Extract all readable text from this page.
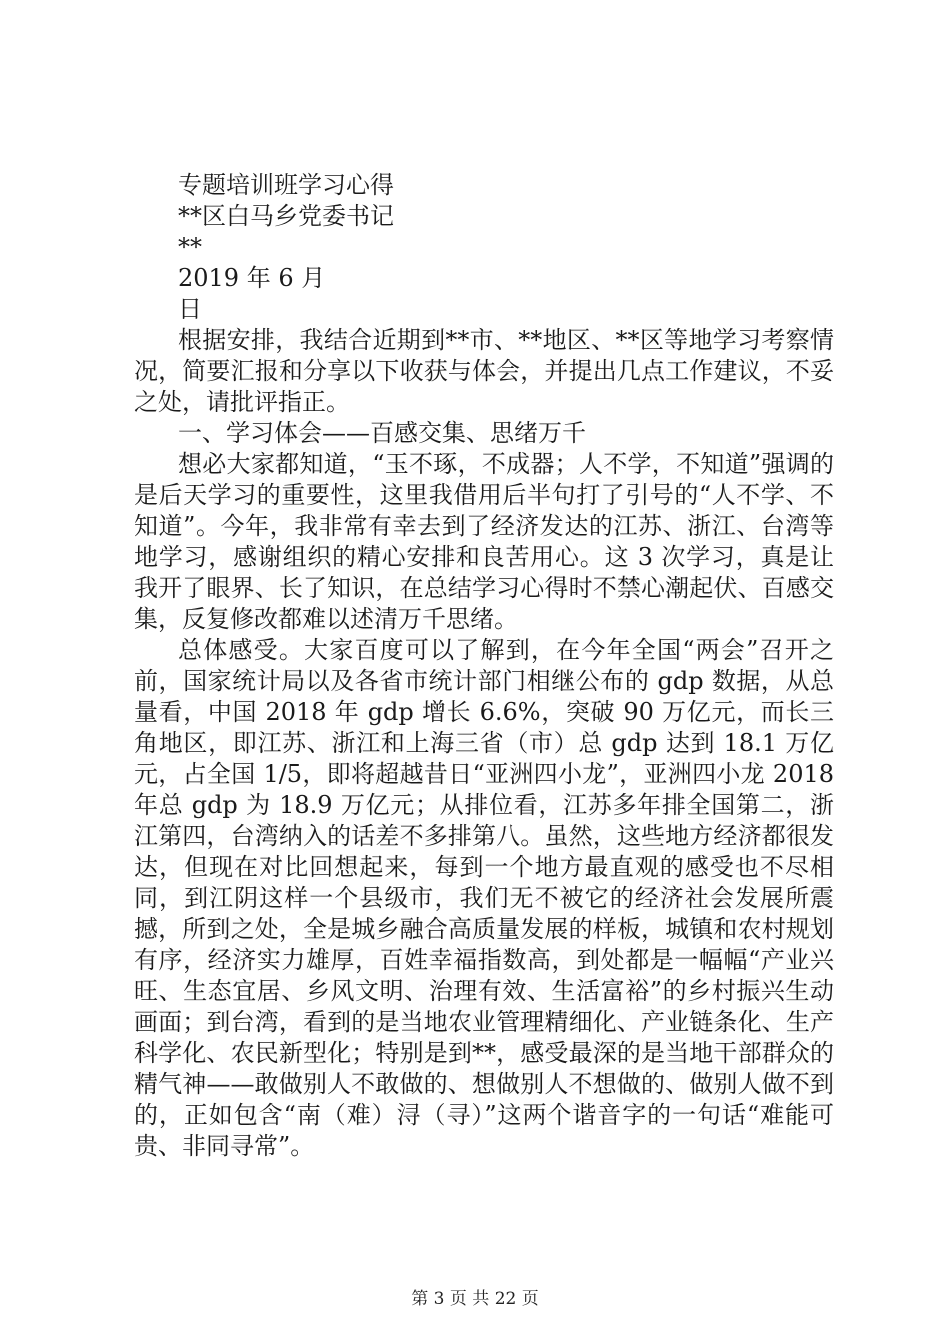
专题培训班学习心得
**区白马乡党委书记
**
2019 年 6 月
日

根据安排，我结合近期到**市、**地区、**区等地学习考察情况，简要汇报和分享以下收获与体会，并提出几点工作建议，不妥之处，请批评指正。

一、学习体会——百感交集、思绪万千

想必大家都知道，“玉不琢，不成器；人不学，不知道”强调的是后天学习的重要性，这里我借用后半句打了引号的“人不学、不知道”。今年，我非常有幸去到了经济发达的江苏、浙江、台湾等地学习，感谢组织的精心安排和良苦用心。这 3 次学习，真是让我开了眼界、长了知识，在总结学习心得时不禁心潮起伏、百感交集，反复修改都难以述清万千思绪。

总体感受。大家百度可以了解到，在今年全国“两会”召开之前，国家统计局以及各省市统计部门相继公布的 gdp 数据，从总量看，中国 2018 年 gdp 增长 6.6%，突破 90 万亿元，而长三角地区，即江苏、浙江和上海三省（市）总 gdp 达到 18.1 万亿元，占全国 1/5，即将超越昔日“亚洲四小龙”，亚洲四小龙 2018 年总 gdp 为 18.9 万亿元；从排位看，江苏多年排全国第二，浙江第四，台湾纳入的话差不多排第八。虽然，这些地方经济都很发达，但现在对比回想起来，每到一个地方最直观的感受也不尽相同，到江阴这样一个县级市，我们无不被它的经济社会发展所震撼，所到之处，全是城乡融合高质量发展的样板，城镇和农村规划有序，经济实力雄厚，百姓幸福指数高，到处都是一幅幅“产业兴旺、生态宜居、乡风文明、治理有效、生活富裕”的乡村振兴生动画面；到台湾，看到的是当地农业管理精细化、产业链条化、生产科学化、农民新型化；特别是到**，感受最深的是当地干部群众的精气神——敢做别人不敢做的、想做别人不想做的、做别人做不到的，正如包含“南（难）浔（寻）”这两个谐音字的一句话“难能可贵、非同寻常”。

第 3 页 共 22 页
